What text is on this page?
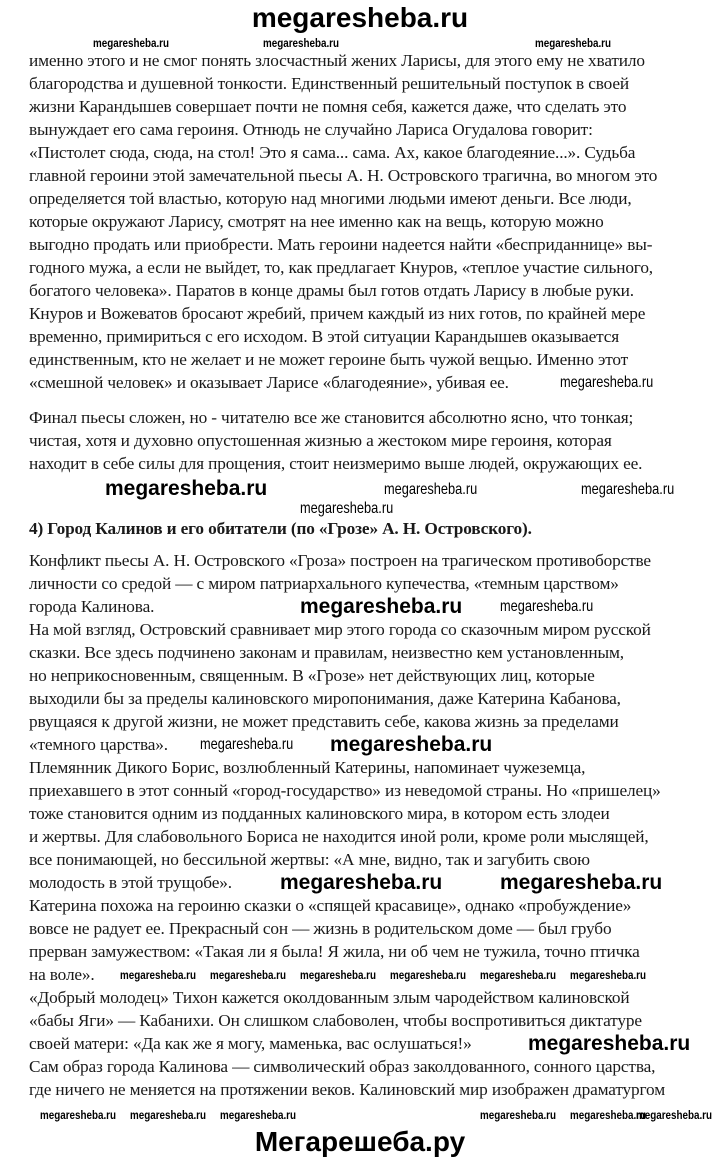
megaresheba.ru
именно этого и не смог понять злосчастный жених Ларисы, для этого ему не хватило
благородства и душевной тонкости. Единственный решительный поступок в своей
жизни Карандышев совершает почти не помня себя, кажется даже, что сделать это
вынуждает его сама героиня. Отнюдь не случайно Лариса Огудалова говорит:
«Пистолет сюда, сюда, на стол! Это я сама... сама. Ах, какое благодеяние...». Судьба
главной героини этой замечательной пьесы А. Н. Островского трагична, во многом это
определяется той властью, которую над многими людьми имеют деньги. Все люди,
которые окружают Ларису, смотрят на нее именно как на вещь, которую можно
выгодно продать или приобрести. Мать героини надеется найти «бесприданнице» вы-
годного мужа, а если не выйдет, то, как предлагает Кнуров, «теплое участие сильного,
богатого человека». Паратов в конце драмы был готов отдать Ларису в любые руки.
Кнуров и Вожеватов бросают жребий, причем каждый из них готов, по крайней мере
временно, примириться с его исходом. В этой ситуации Карандышев оказывается
единственным, кто не желает и не может героине быть чужой вещью. Именно этот
«смешной человек» и оказывает Ларисе «благодеяние», убивая ее.
Финал пьесы сложен, но - читателю все же становится абсолютно ясно, что тонкая;
чистая, хотя и духовно опустошенная жизнью а жестоком мире героиня, которая
находит в себе силы для прощения, стоит неизмеримо выше людей, окружающих ее.
4) Город Калинов и его обитатели (по «Грозе» А. Н. Островского).
Конфликт пьесы А. Н. Островского «Гроза» построен на трагическом противоборстве
личности со средой — с миром патриархального купечества, «темным царством»
города Калинова.
На мой взгляд, Островский сравнивает мир этого города со сказочным миром русской
сказки. Все здесь подчинено законам и правилам, неизвестно кем установленным,
но неприкосновенным, священным. В «Грозе» нет действующих лиц, которые
выходили бы за пределы калиновского миропонимания, даже Катерина Кабанова,
рвущаяся к другой жизни, не может представить себе, какова жизнь за пределами
«темного царства».
Племянник Дикого Борис, возлюбленный Катерины, напоминает чужеземца,
приехавшего в этот сонный «город-государство» из неведомой страны. Но «пришелец»
тоже становится одним из подданных калиновского мира, в котором есть злодеи
и жертвы. Для слабовольного Бориса не находится иной роли, кроме роли мыслящей,
все понимающей, но бессильной жертвы: «А мне, видно, так и загубить свою
молодость в этой трущобе».
Катерина похожа на героиню сказки о «спящей красавице», однако «пробуждение»
вовсе не радует ее. Прекрасный сон — жизнь в родительском доме — был грубо
прерван замужеством: «Такая ли я была! Я жила, ни об чем не тужила, точно птичка
на воле».
«Добрый молодец» Тихон кажется околдованным злым чародейством калиновской
«бабы Яги» — Кабанихи. Он слишком слабоволен, чтобы воспротивиться диктатуре
своей матери: «Да как же я могу, маменька, вас ослушаться!»
Сам образ города Калинова — символический образ заколдованного, сонного царства,
где ничего не меняется на протяжении веков. Калиновский мир изображен драматургом
megaresheba.ru	megaresheba.ru	megaresheba.ru
megaresheba.ru
megaresheba.ru	megaresheba.ru	megaresheba.ru
megaresheba.ru
megaresheba.ru megaresheba.ru
megaresheba.ru megaresheba.ru
megaresheba.ru	megaresheba.ru
megaresheba.ru megaresheba.ru megaresheba.ru megaresheba.ru megaresheba.ru megaresheba.ru
megaresheba.ru
megaresheba.ru megaresheba.ru megaresheba.ru	megaresheba.ru megaresheba.ru
megaresheba.ru
Мегарешеба.ру
